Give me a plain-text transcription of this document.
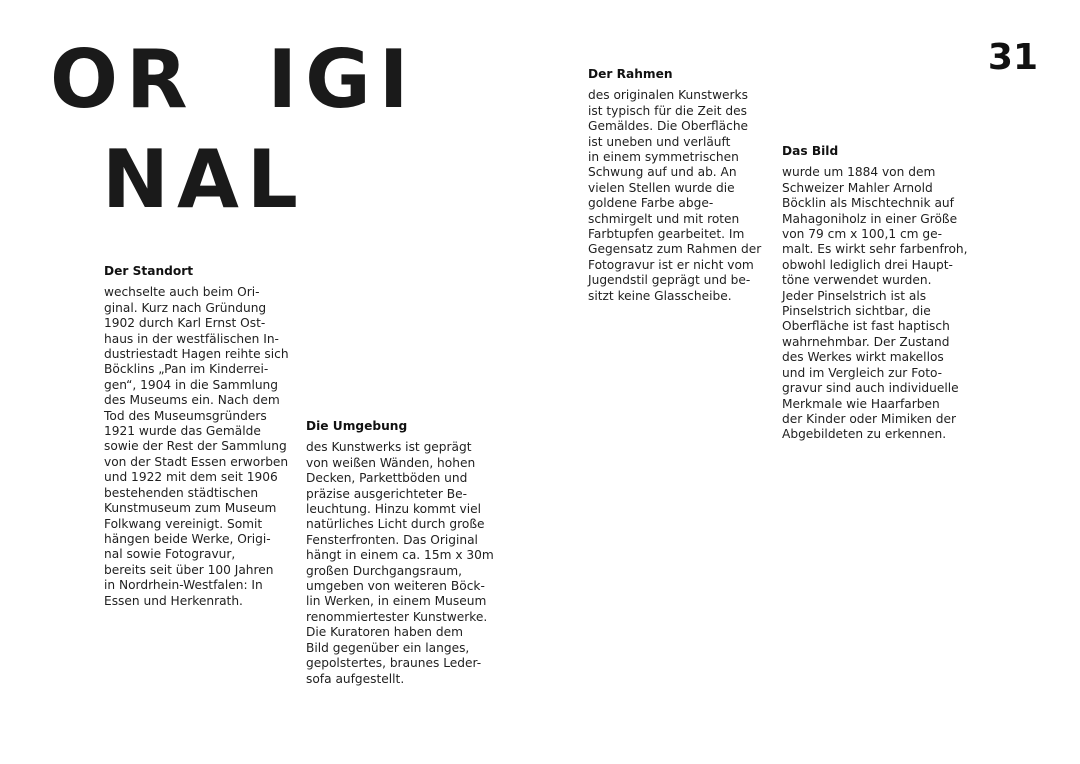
OR  IGI
NAL
31
Der Standort
wechselte auch beim Ori-
ginal. Kurz nach Gründung
1902 durch Karl Ernst Ost-
haus in der westfälischen In-
dustriestadt Hagen reihte sich
Böcklins „Pan im Kinderrei-
gen“, 1904 in die Sammlung
des Museums ein. Nach dem
Tod des Museumsgründers
1921 wurde das Gemälde
sowie der Rest der Sammlung
von der Stadt Essen erworben
und 1922 mit dem seit 1906
bestehenden städtischen
Kunstmuseum zum Museum
Folkwang vereinigt. Somit
hängen beide Werke, Origi-
nal sowie Fotogravur,
bereits seit über 100 Jahren
in Nordrhein-Westfalen: In
Essen und Herkenrath.
Die Umgebung
des Kunstwerks ist geprägt
von weißen Wänden, hohen
Decken, Parkettböden und
präzise ausgerichteter Be-
leuchtung. Hinzu kommt viel
natürliches Licht durch große
Fensterfronten. Das Original
hängt in einem ca. 15m x 30m
großen Durchgangsraum,
umgeben von weiteren Böck-
lin Werken, in einem Museum
renommiertester Kunstwerke.
Die Kuratoren haben dem
Bild gegenüber ein langes,
gepolstertes, braunes Leder-
sofa aufgestellt.
Der Rahmen
des originalen Kunstwerks
ist typisch für die Zeit des
Gemäldes. Die Oberfläche
ist uneben und verläuft
in einem symmetrischen
Schwung auf und ab. An
vielen Stellen wurde die
goldene Farbe abge-
schmirgelt und mit roten
Farbtupfen gearbeitet. Im
Gegensatz zum Rahmen der
Fotogravur ist er nicht vom
Jugendstil geprägt und be-
sitzt keine Glasscheibe.
Das Bild
wurde um 1884 von dem
Schweizer Mahler Arnold
Böcklin als Mischtechnik auf
Mahagoniholz in einer Größe
von 79 cm x 100,1 cm ge-
malt. Es wirkt sehr farbenfroh,
obwohl lediglich drei Haupt-
töne verwendet wurden.
Jeder Pinselstrich ist als
Pinselstrich sichtbar, die
Oberfläche ist fast haptisch
wahrnehmbar. Der Zustand
des Werkes wirkt makellos
und im Vergleich zur Foto-
gravur sind auch individuelle
Merkmale wie Haarfarben
der Kinder oder Mimiken der
Abgebildeten zu erkennen.
